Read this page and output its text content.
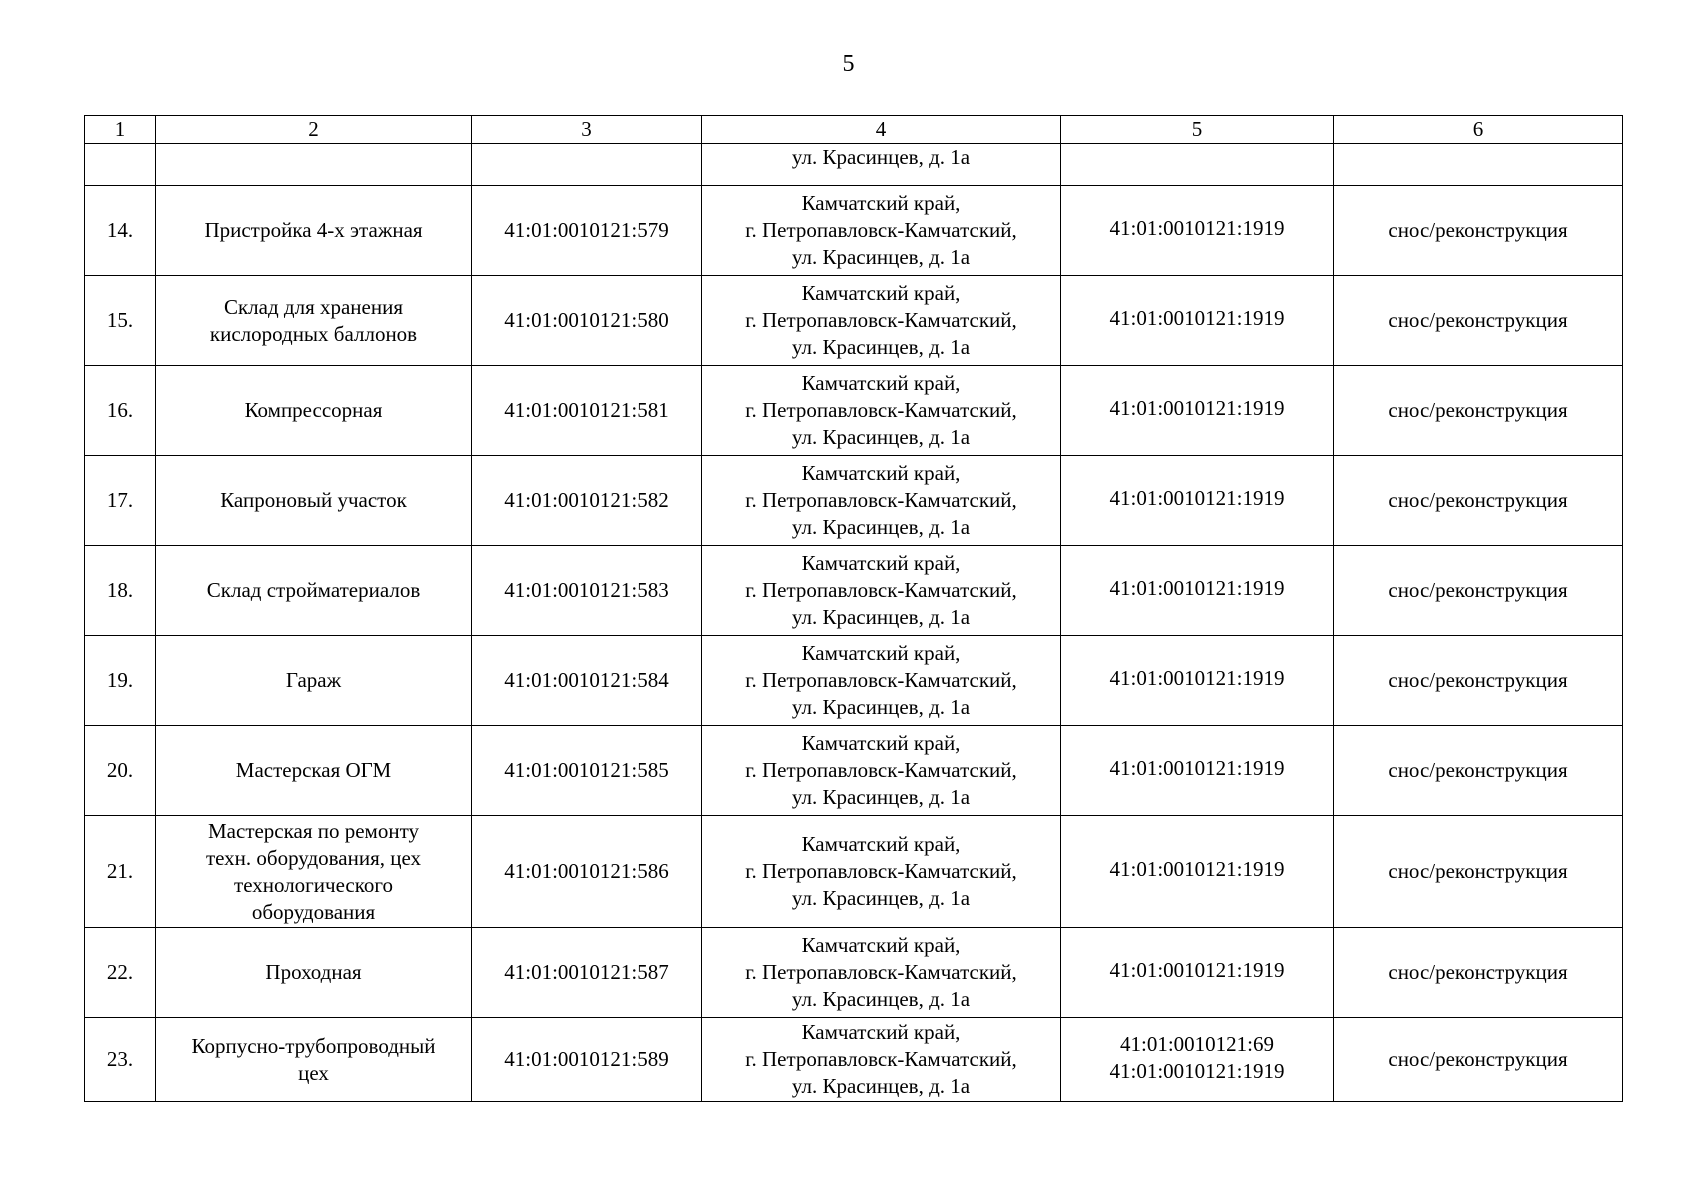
5
1	2	3	4	5	6

			ул. Красинцев, д. 1а		

14.	Пристройка 4-х этажная	41:01:0010121:579	Камчатский край,
г. Петропавловск-Камчатский,
ул. Красинцев, д. 1а	41:01:0010121:1919	снос/реконструкция
15.	Склад для хранения
кислородных баллонов	41:01:0010121:580	Камчатский край,
г. Петропавловск-Камчатский,
ул. Красинцев, д. 1а	41:01:0010121:1919	снос/реконструкция
16.	Компрессорная	41:01:0010121:581	Камчатский край,
г. Петропавловск-Камчатский,
ул. Красинцев, д. 1а	41:01:0010121:1919	снос/реконструкция
17.	Капроновый участок	41:01:0010121:582	Камчатский край,
г. Петропавловск-Камчатский,
ул. Красинцев, д. 1а	41:01:0010121:1919	снос/реконструкция
18.	Склад стройматериалов	41:01:0010121:583	Камчатский край,
г. Петропавловск-Камчатский,
ул. Красинцев, д. 1а	41:01:0010121:1919	снос/реконструкция
19.	Гараж	41:01:0010121:584	Камчатский край,
г. Петропавловск-Камчатский,
ул. Красинцев, д. 1а	41:01:0010121:1919	снос/реконструкция
20.	Мастерская ОГМ	41:01:0010121:585	Камчатский край,
г. Петропавловск-Камчатский,
ул. Красинцев, д. 1а	41:01:0010121:1919	снос/реконструкция
21.	Мастерская по ремонту
техн. оборудования, цех
технологического
оборудования	41:01:0010121:586	Камчатский край,
г. Петропавловск-Камчатский,
ул. Красинцев, д. 1а	41:01:0010121:1919	снос/реконструкция
22.	Проходная	41:01:0010121:587	Камчатский край,
г. Петропавловск-Камчатский,
ул. Красинцев, д. 1а	41:01:0010121:1919	снос/реконструкция
23.	Корпусно-трубопроводный
цех	41:01:0010121:589	Камчатский край,
г. Петропавловск-Камчатский,
ул. Красинцев, д. 1а	41:01:0010121:69
41:01:0010121:1919	снос/реконструкция
